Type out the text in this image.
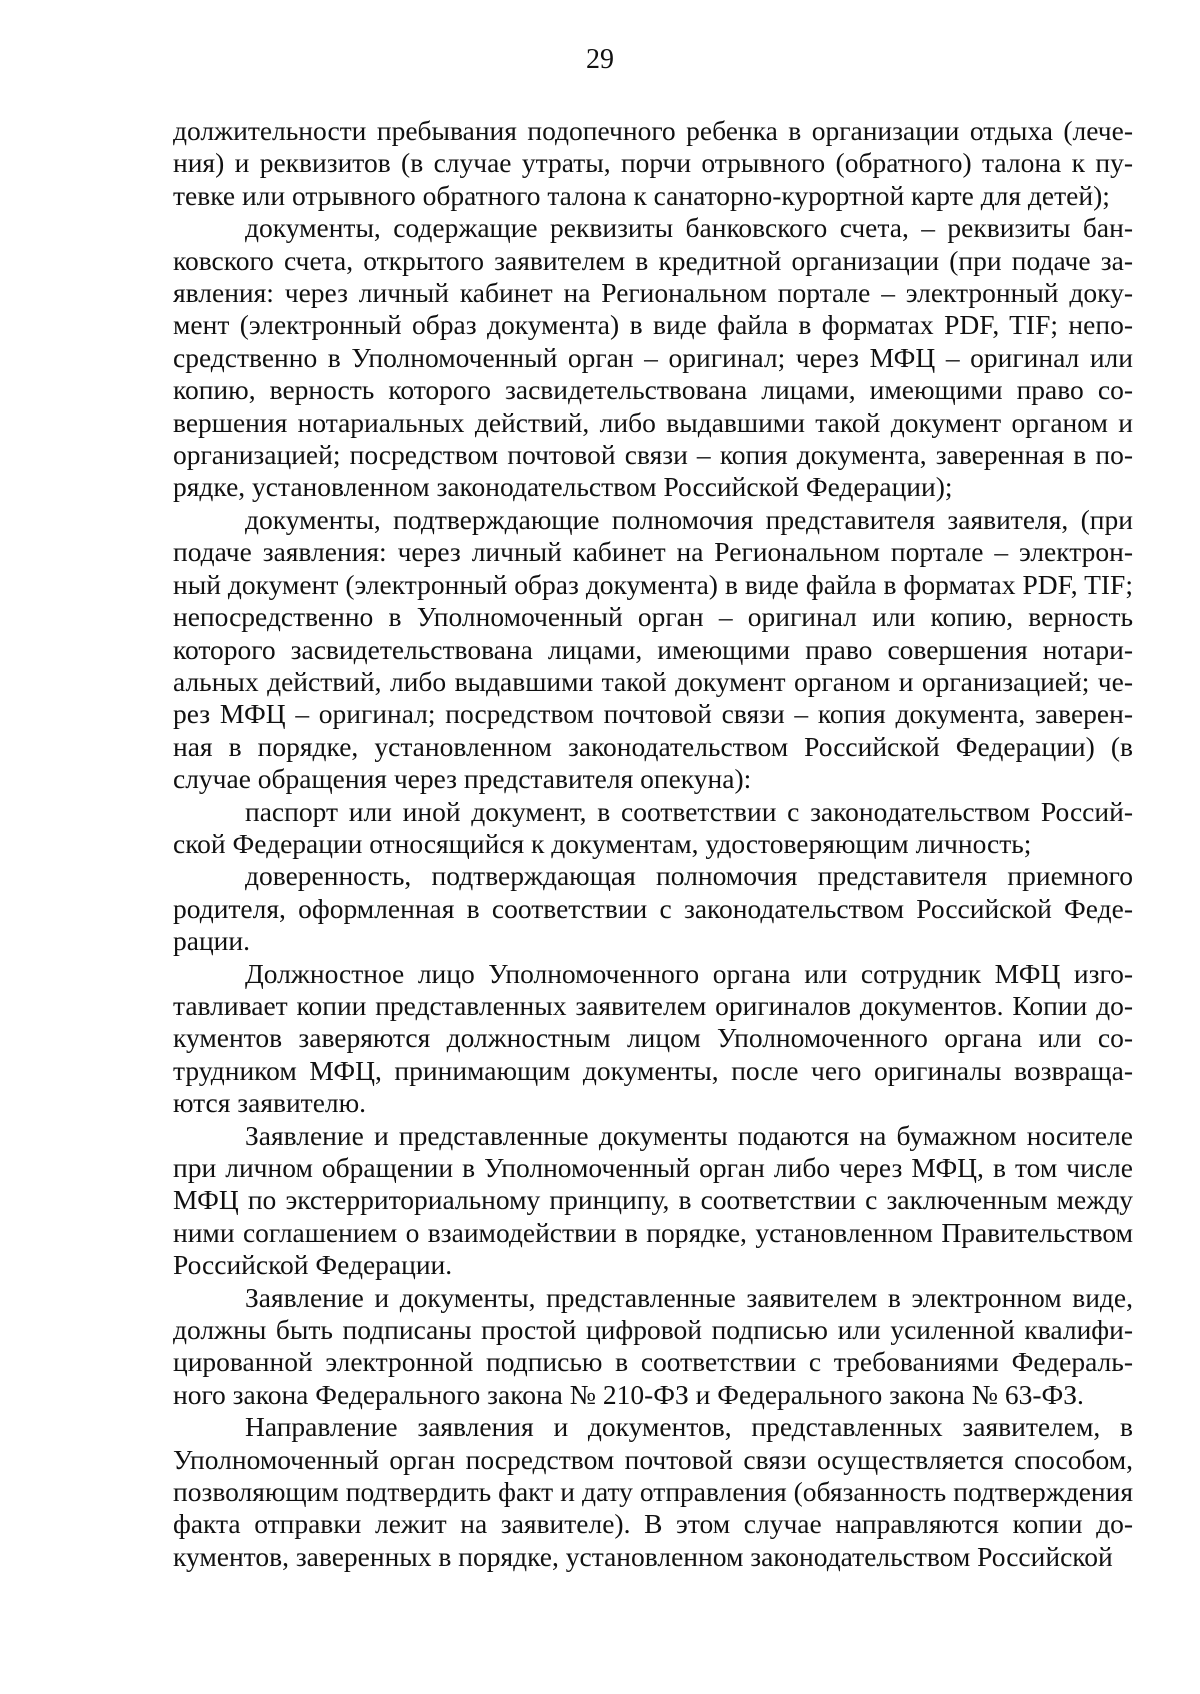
29

должительности пребывания подопечного ребенка в организации отдыха (лечения) и реквизитов (в случае утраты, порчи отрывного (обратного) талона к путевке или отрывного обратного талона к санаторно-курортной карте для детей);

документы, содержащие реквизиты банковского счета, – реквизиты банковского счета, открытого заявителем в кредитной организации (при подаче заявления: через личный кабинет на Региональном портале – электронный документ (электронный образ документа) в виде файла в форматах PDF, TIF; непосредственно в Уполномоченный орган – оригинал; через МФЦ – оригинал или копию, верность которого засвидетельствована лицами, имеющими право совершения нотариальных действий, либо выдавшими такой документ органом и организацией; посредством почтовой связи – копия документа, заверенная в порядке, установленном законодательством Российской Федерации);

документы, подтверждающие полномочия представителя заявителя, (при подаче заявления: через личный кабинет на Региональном портале – электронный документ (электронный образ документа) в виде файла в форматах PDF, TIF; непосредственно в Уполномоченный орган – оригинал или копию, верность которого засвидетельствована лицами, имеющими право совершения нотариальных действий, либо выдавшими такой документ органом и организацией; через МФЦ – оригинал; посредством почтовой связи – копия документа, заверенная в порядке, установленном законодательством Российской Федерации) (в случае обращения через представителя опекуна):

паспорт или иной документ, в соответствии с законодательством Российской Федерации относящийся к документам, удостоверяющим личность;

доверенность, подтверждающая полномочия представителя приемного родителя, оформленная в соответствии с законодательством Российской Федерации.

Должностное лицо Уполномоченного органа или сотрудник МФЦ изготавливает копии представленных заявителем оригиналов документов. Копии документов заверяются должностным лицом Уполномоченного органа или сотрудником МФЦ, принимающим документы, после чего оригиналы возвращаются заявителю.

Заявление и представленные документы подаются на бумажном носителе при личном обращении в Уполномоченный орган либо через МФЦ, в том числе МФЦ по экстерриториальному принципу, в соответствии с заключенным между ними соглашением о взаимодействии в порядке, установленном Правительством Российской Федерации.

Заявление и документы, представленные заявителем в электронном виде, должны быть подписаны простой цифровой подписью или усиленной квалифицированной электронной подписью в соответствии с требованиями Федерального закона Федерального закона № 210-ФЗ и Федерального закона № 63-ФЗ.

Направление заявления и документов, представленных заявителем, в Уполномоченный орган посредством почтовой связи осуществляется способом, позволяющим подтвердить факт и дату отправления (обязанность подтверждения факта отправки лежит на заявителе). В этом случае направляются копии документов, заверенных в порядке, установленном законодательством Российской
